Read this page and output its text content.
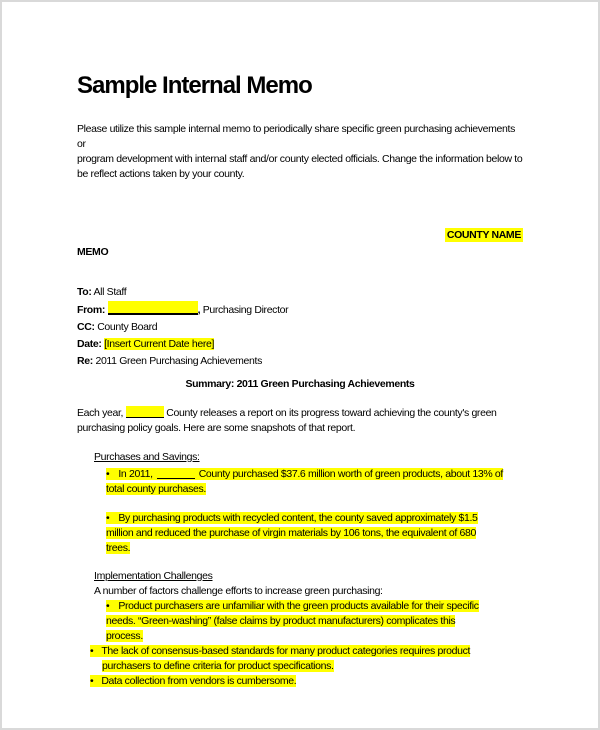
Sample Internal Memo

Please utilize this sample internal memo to periodically share specific green purchasing achievements or
program development with internal staff and/or county elected officials. Change the information below to
be reflect actions taken by your county.

COUNTY NAME
MEMO
To: All Staff
From:	, Purchasing Director
CC: County Board
Date: [Insert Current Date here]
Re: 2011 Green Purchasing Achievements
Summary: 2011 Green Purchasing Achievements

Each year,	County releases a report on its progress toward achieving the county's green
purchasing policy goals. Here are some snapshots of that report.

Purchases and Savings:
• In 2011,	County purchased $37.6 million worth of green products, about 13% of
total county purchases.
• By purchasing products with recycled content, the county saved approximately $1.5
million and reduced the purchase of virgin materials by 106 tons, the equivalent of 680
trees.
Implementation Challenges
A number of factors challenge efforts to increase green purchasing:
• Product purchasers are unfamiliar with the green products available for their specific
needs. “Green-washing” (false claims by product manufacturers) complicates this
process.
• The lack of consensus-based standards for many product categories requires product
purchasers to define criteria for product specifications.
• Data collection from vendors is cumbersome.
